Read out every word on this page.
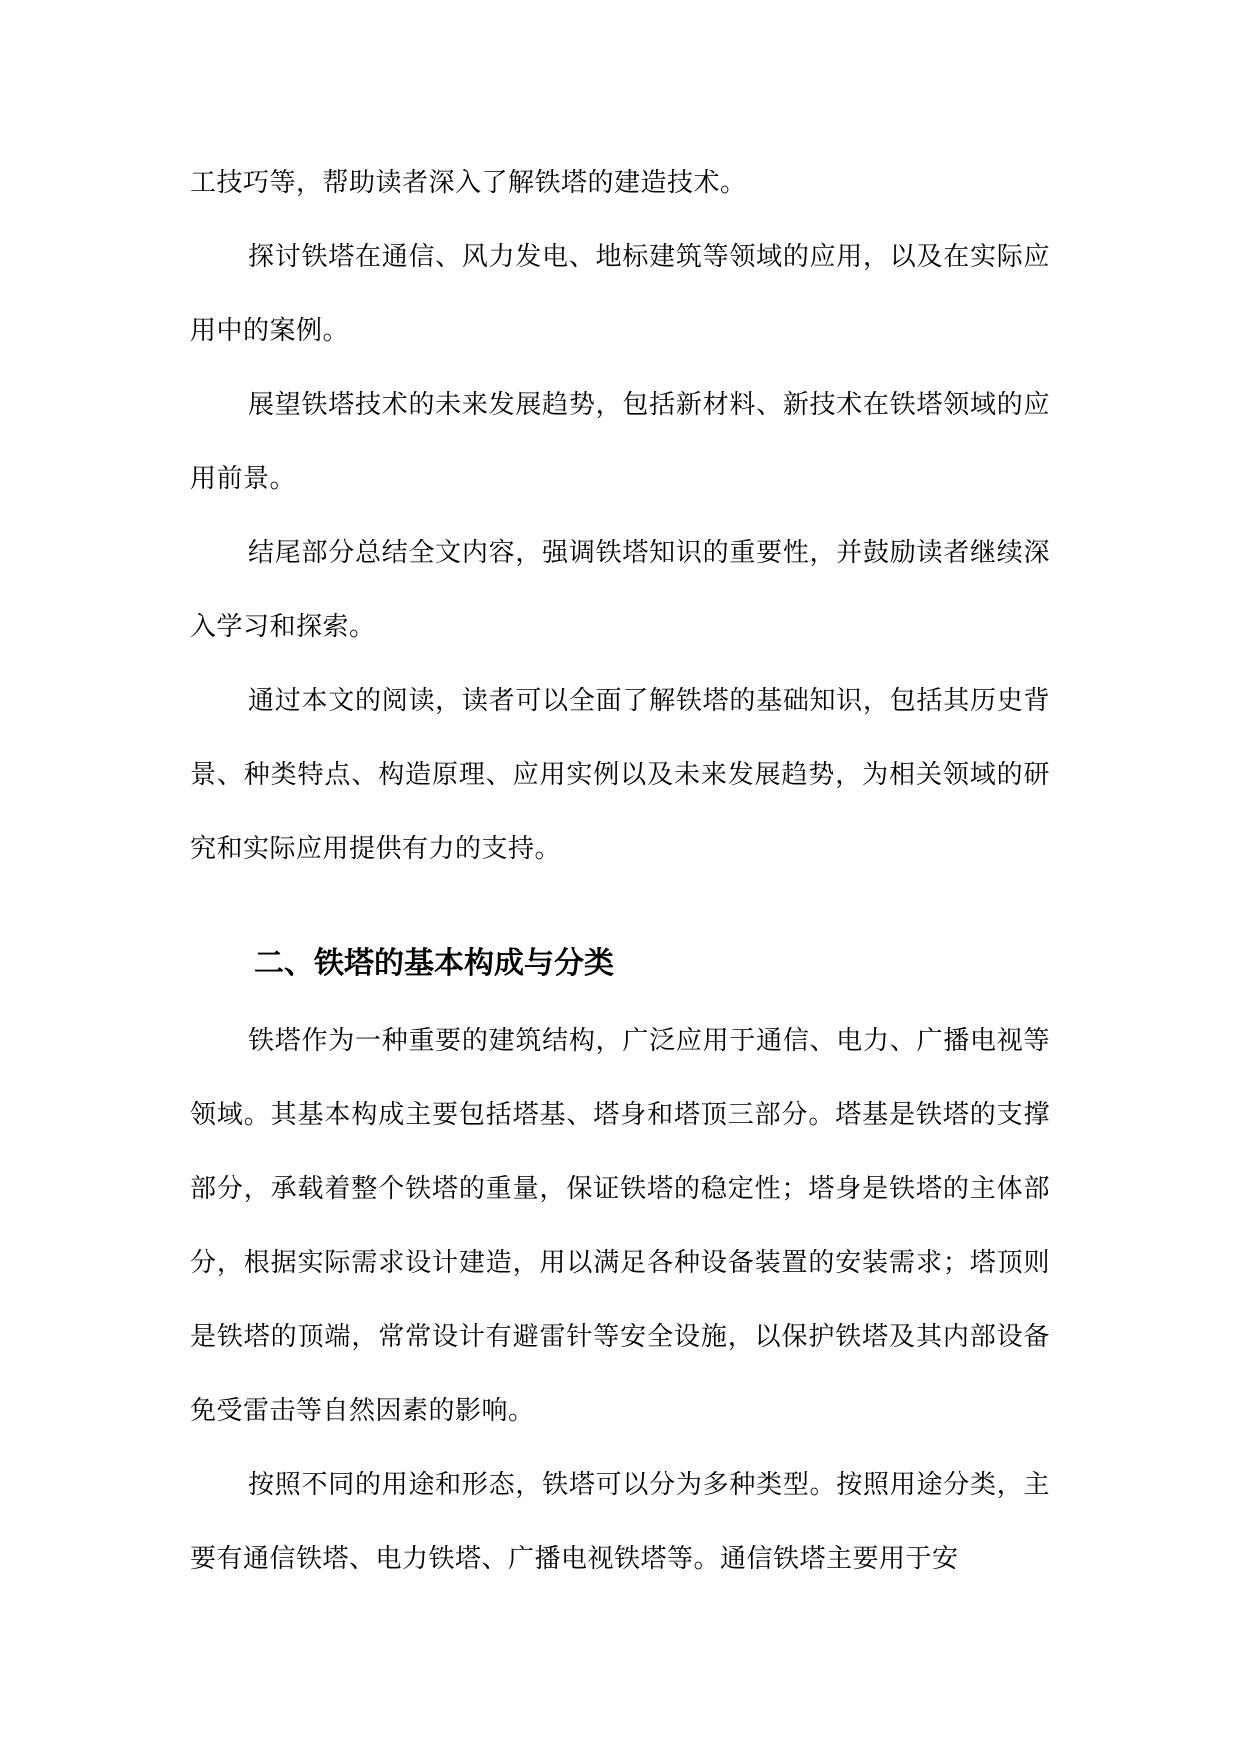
工技巧等，帮助读者深入了解铁塔的建造技术。

探讨铁塔在通信、风力发电、地标建筑等领域的应用，以及在实际应用中的案例。

展望铁塔技术的未来发展趋势，包括新材料、新技术在铁塔领域的应用前景。

结尾部分总结全文内容，强调铁塔知识的重要性，并鼓励读者继续深入学习和探索。

通过本文的阅读，读者可以全面了解铁塔的基础知识，包括其历史背景、种类特点、构造原理、应用实例以及未来发展趋势，为相关领域的研究和实际应用提供有力的支持。

二、铁塔的基本构成与分类

铁塔作为一种重要的建筑结构，广泛应用于通信、电力、广播电视等领域。其基本构成主要包括塔基、塔身和塔顶三部分。塔基是铁塔的支撑部分，承载着整个铁塔的重量，保证铁塔的稳定性；塔身是铁塔的主体部分，根据实际需求设计建造，用以满足各种设备装置的安装需求；塔顶则是铁塔的顶端，常常设计有避雷针等安全设施，以保护铁塔及其内部设备免受雷击等自然因素的影响。

按照不同的用途和形态，铁塔可以分为多种类型。按照用途分类，主要有通信铁塔、电力铁塔、广播电视铁塔等。通信铁塔主要用于安
